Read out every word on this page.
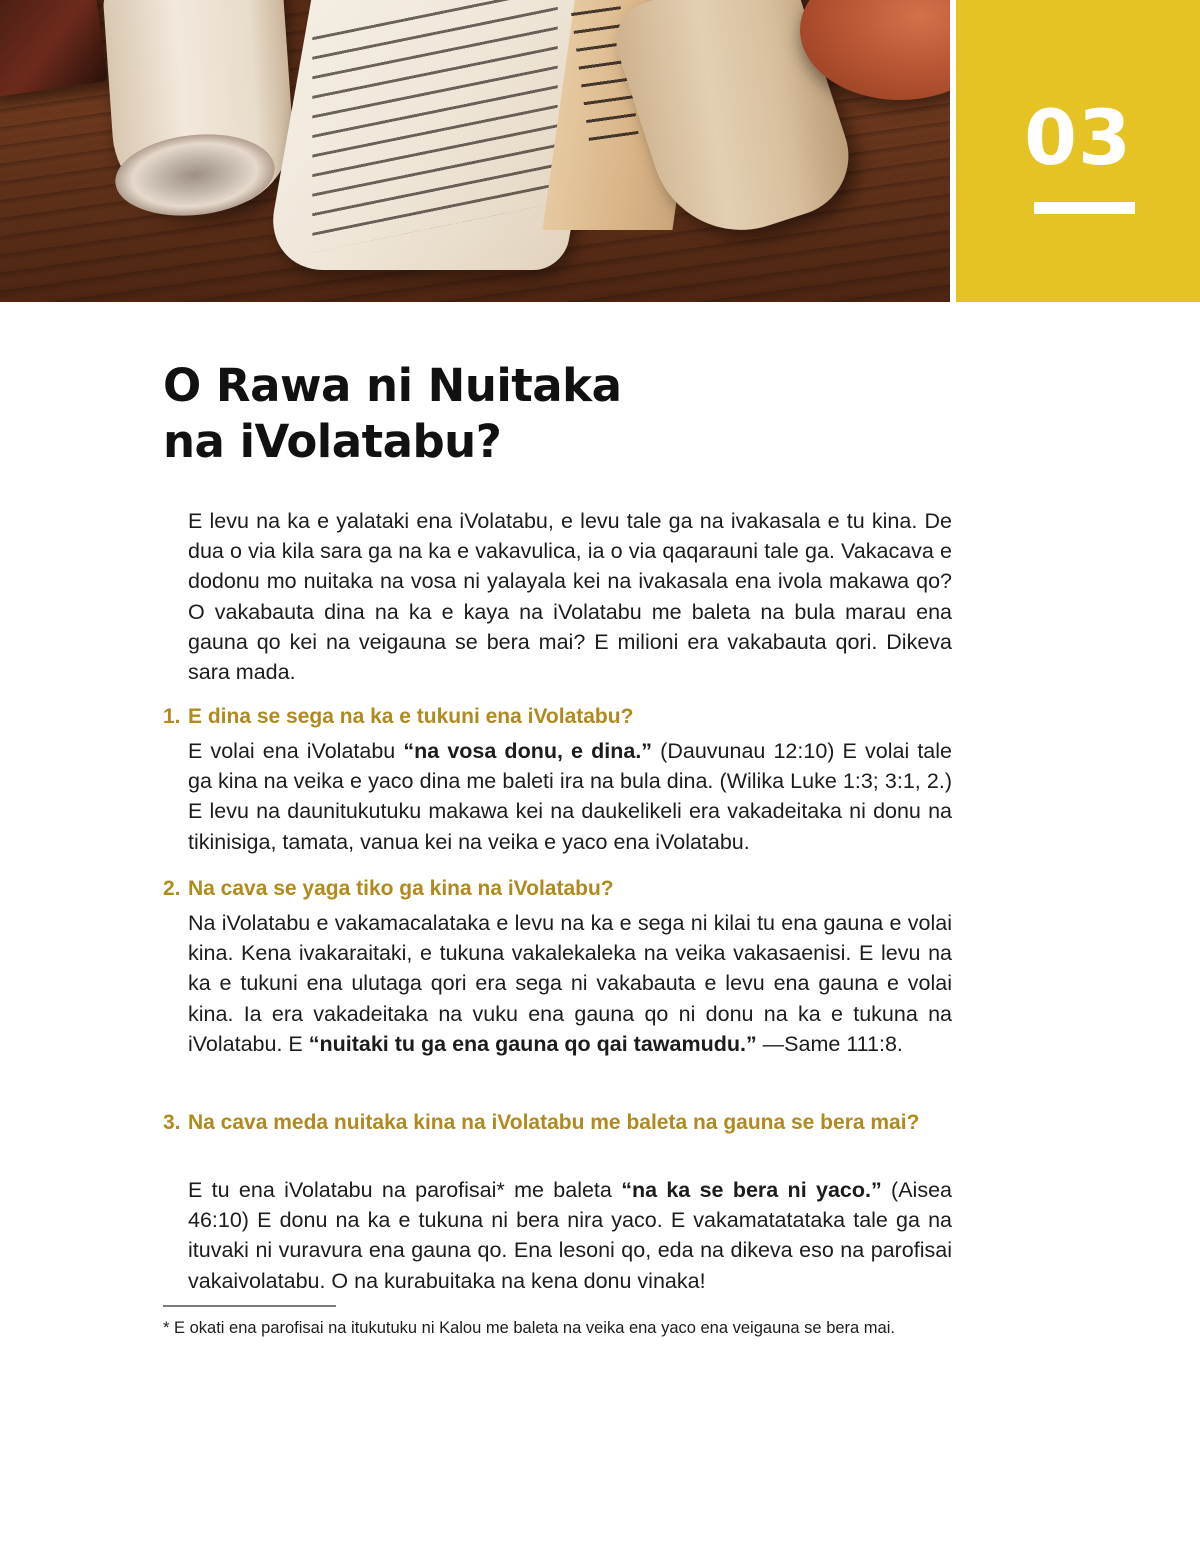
03
O Rawa ni Nuitaka
na iVolatabu?

E levu na ka e yalataki ena iVolatabu, e levu tale ga na ivakasala e tu kina. De dua o via kila sara ga na ka e vakavulica, ia o via qaqarauni tale ga. Vakacava e dodonu mo nuitaka na vosa ni yalayala kei na ivakasala ena ivola makawa qo? O vakabauta dina na ka e kaya na iVolatabu me baleta na bula marau ena gauna qo kei na veigauna se bera mai? E milioni era vakabauta qori. Dikeva sara mada.

1. E dina se sega na ka e tukuni ena iVolatabu?

E volai ena iVolatabu “na vosa donu, e dina.” (Dauvunau 12:10) E volai tale ga kina na veika e yaco dina me baleti ira na bula dina. (Wilika Luke 1:3; 3:1, 2.) E levu na daunitukutuku makawa kei na daukelikeli era vakadeitaka ni donu na tikinisiga, tamata, vanua kei na veika e yaco ena iVolatabu.

2. Na cava se yaga tiko ga kina na iVolatabu?

Na iVolatabu e vakamacalataka e levu na ka e sega ni kilai tu ena gauna e volai kina. Kena ivakaraitaki, e tukuna vakalekaleka na veika vakasaenisi. E levu na ka e tukuni ena ulutaga qori era sega ni vakabauta e levu ena gauna e volai kina. Ia era vakadeitaka na vuku ena gauna qo ni donu na ka e tukuna na iVolatabu. E “nuitaki tu ga ena gauna qo qai tawamudu.” —Same 111:8.

3. Na cava meda nuitaka kina na iVolatabu me baleta na gauna se bera mai?

E tu ena iVolatabu na parofisai* me baleta “na ka se bera ni yaco.” (Aisea 46:10) E donu na ka e tukuna ni bera nira yaco. E vakamatatataka tale ga na ituvaki ni vuravura ena gauna qo. Ena lesoni qo, eda na dikeva eso na parofisai vakaivolatabu. O na kurabuitaka na kena donu vinaka!

* E okati ena parofisai na itukutuku ni Kalou me baleta na veika ena yaco ena veigauna se bera mai.
